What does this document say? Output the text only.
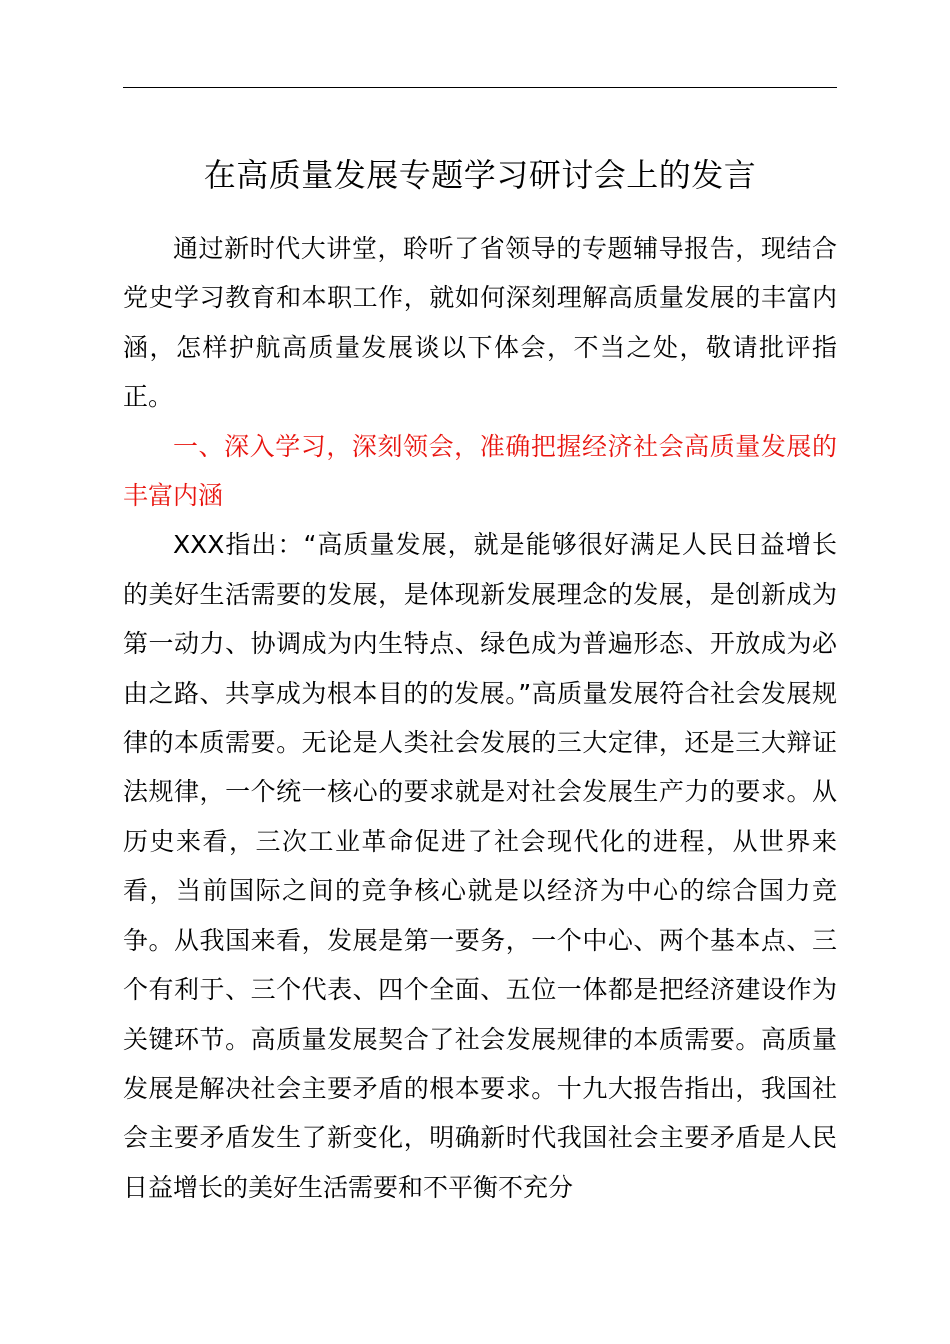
在高质量发展专题学习研讨会上的发言

通过新时代大讲堂，聆听了省领导的专题辅导报告，现结合党史学习教育和本职工作，就如何深刻理解高质量发展的丰富内涵，怎样护航高质量发展谈以下体会，不当之处，敬请批评指正。

一、深入学习，深刻领会，准确把握经济社会高质量发展的丰富内涵

XXX指出：“高质量发展，就是能够很好满足人民日益增长的美好生活需要的发展，是体现新发展理念的发展，是创新成为第一动力、协调成为内生特点、绿色成为普遍形态、开放成为必由之路、共享成为根本目的的发展。”高质量发展符合社会发展规律的本质需要。无论是人类社会发展的三大定律，还是三大辩证法规律，一个统一核心的要求就是对社会发展生产力的要求。从历史来看，三次工业革命促进了社会现代化的进程，从世界来看，当前国际之间的竞争核心就是以经济为中心的综合国力竞争。从我国来看，发展是第一要务，一个中心、两个基本点、三个有利于、三个代表、四个全面、五位一体都是把经济建设作为关键环节。高质量发展契合了社会发展规律的本质需要。高质量发展是解决社会主要矛盾的根本要求。十九大报告指出，我国社会主要矛盾发生了新变化，明确新时代我国社会主要矛盾是人民日益增长的美好生活需要和不平衡不充分
